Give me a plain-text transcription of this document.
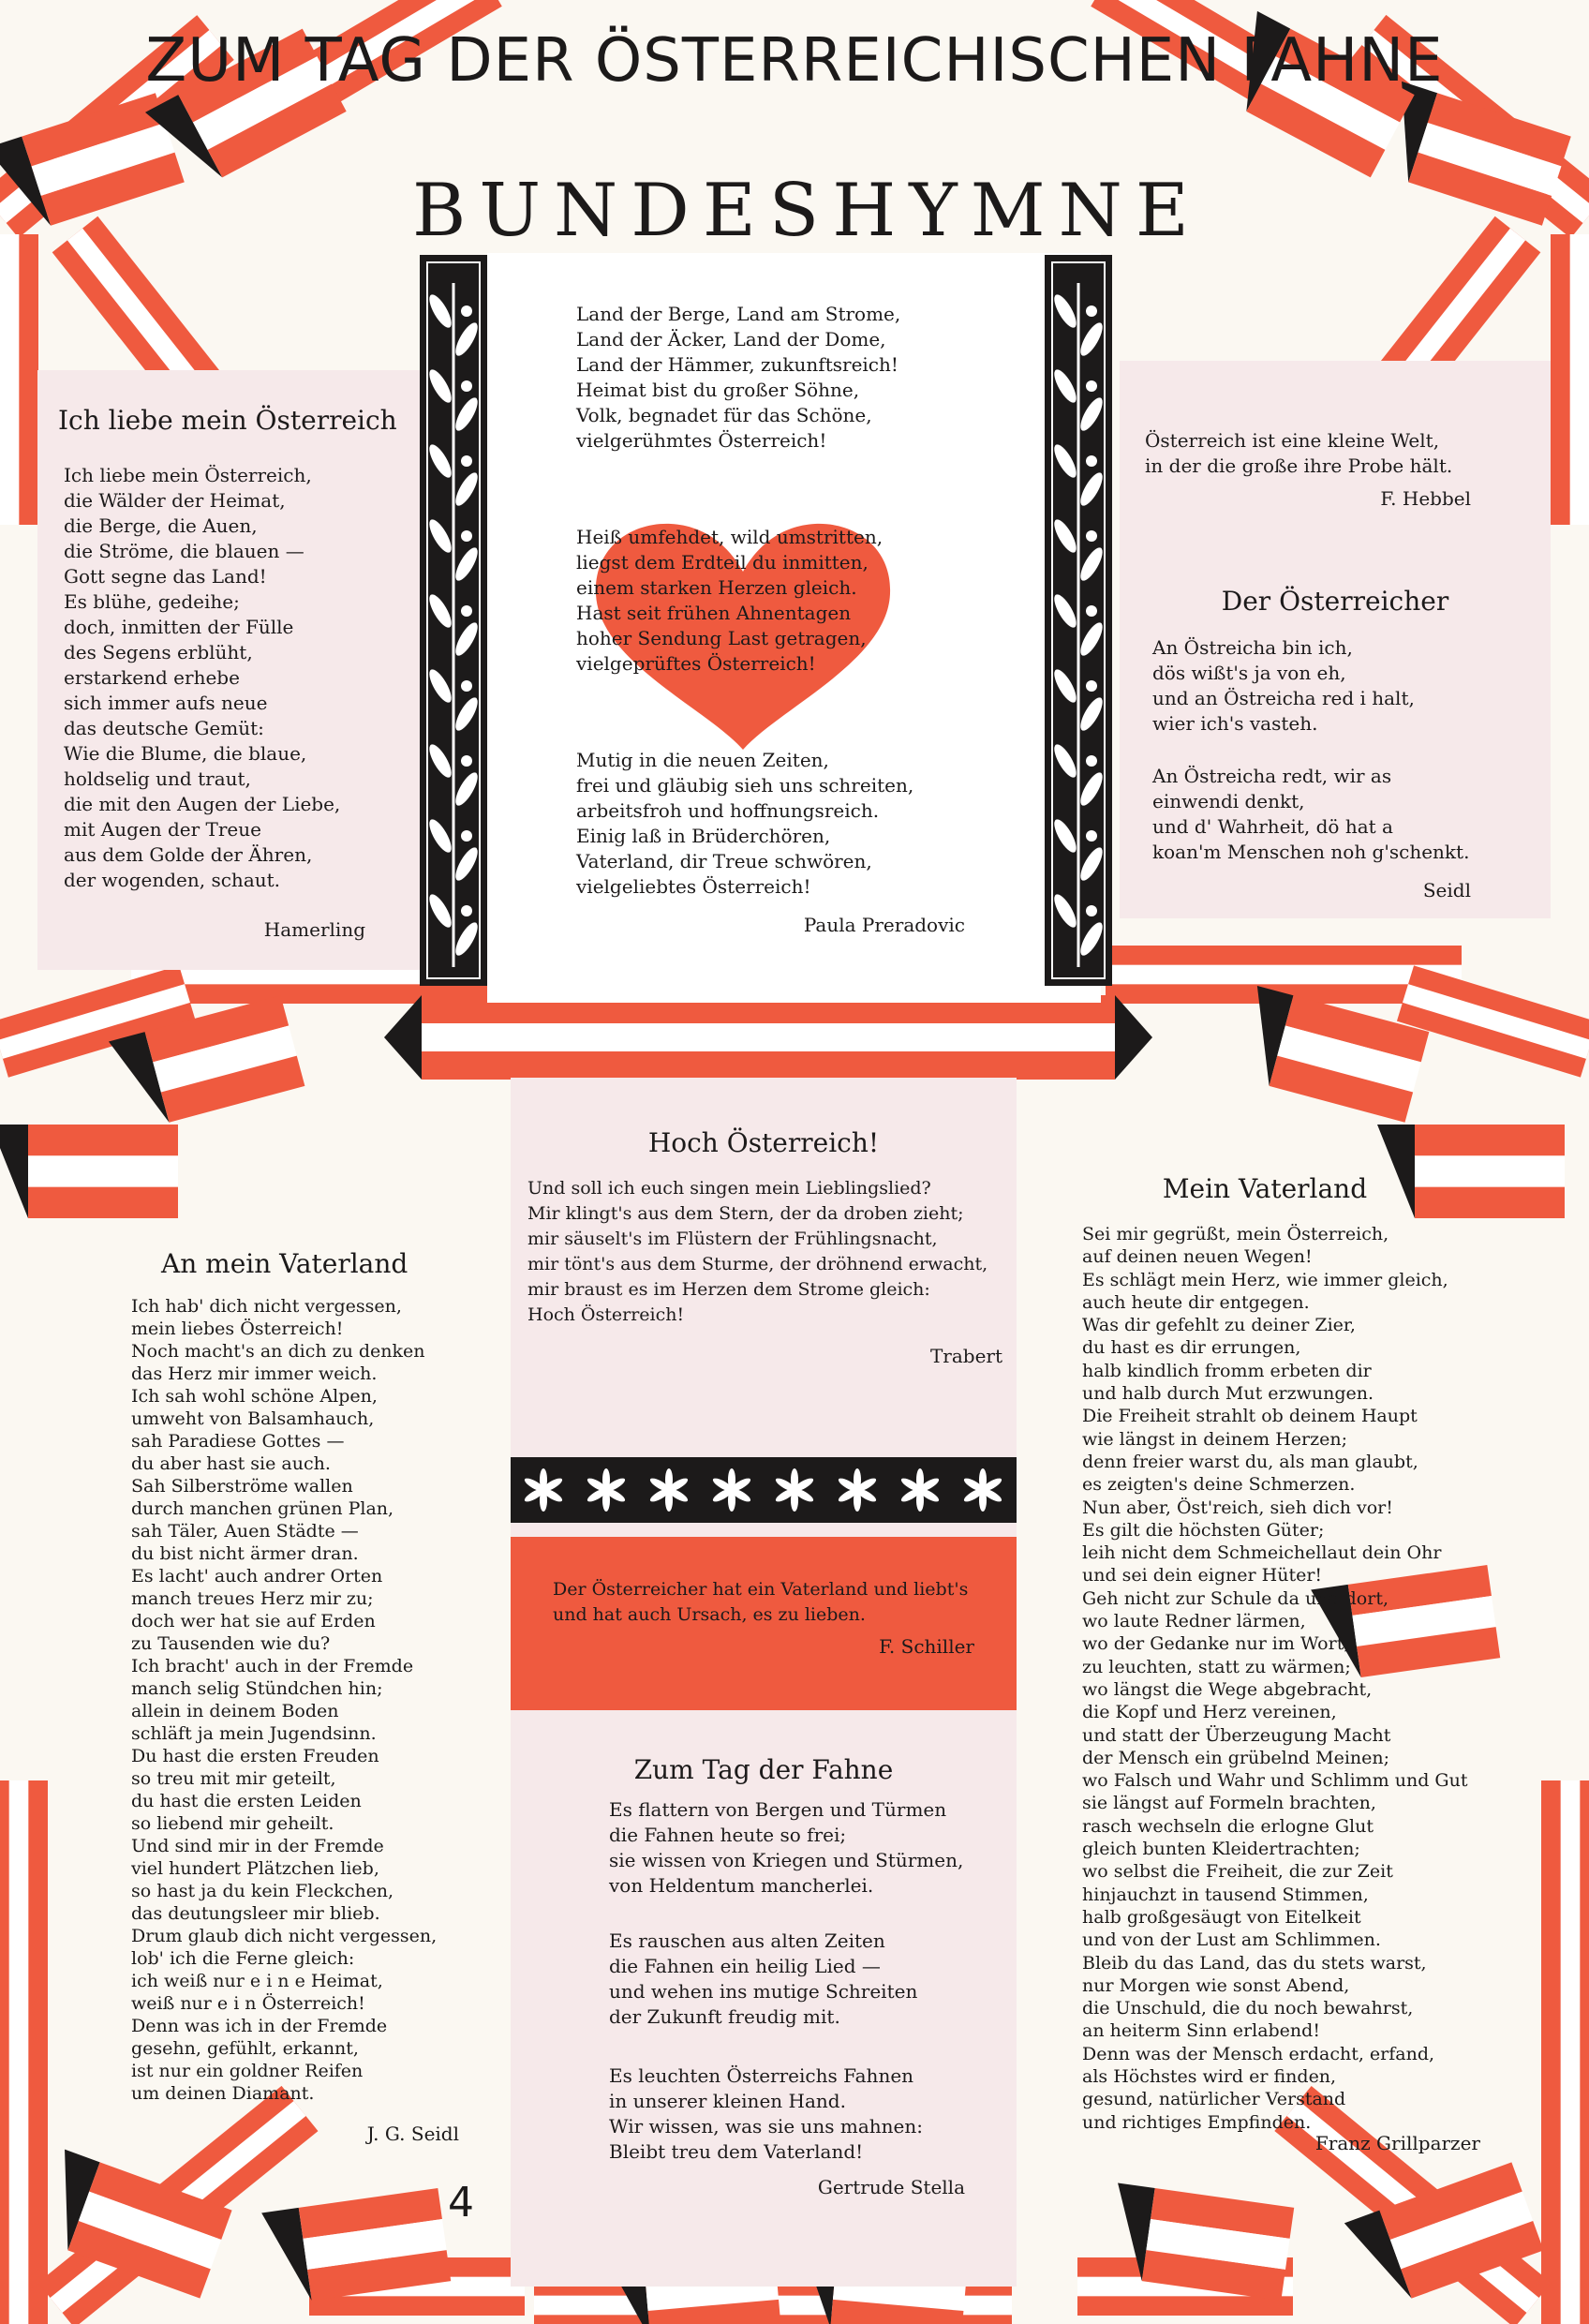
ZUM TAG DER ÖSTERREICHISCHEN FAHNE
BUNDESHYMNE
Land der Berge, Land am Strome,
Land der Äcker, Land der Dome,
Land der Hämmer, zukunftsreich!
Heimat bist du großer Söhne,
Volk, begnadet für das Schöne,
vielgerühmtes Österreich!
Heiß umfehdet, wild umstritten,
liegst dem Erdteil du inmitten,
einem starken Herzen gleich.
Hast seit frühen Ahnentagen
hoher Sendung Last getragen,
vielgeprüftes Österreich!
Mutig in die neuen Zeiten,
frei und gläubig sieh uns schreiten,
arbeitsfroh und hoffnungsreich.
Einig laß in Brüderchören,
Vaterland, dir Treue schwören,
vielgeliebtes Österreich!
Paula Preradovic
Ich liebe mein Österreich
Ich liebe mein Österreich,
die Wälder der Heimat,
die Berge, die Auen,
die Ströme, die blauen —
Gott segne das Land!
Es blühe, gedeihe;
doch, inmitten der Fülle
des Segens erblüht,
erstarkend erhebe
sich immer aufs neue
das deutsche Gemüt:
Wie die Blume, die blaue,
holdselig und traut,
die mit den Augen der Liebe,
mit Augen der Treue
aus dem Golde der Ähren,
der wogenden, schaut.
Hamerling
Österreich ist eine kleine Welt,
in der die große ihre Probe hält.
F. Hebbel
Der Österreicher
An Östreicha bin ich,
dös wißt's ja von eh,
und an Östreicha red i halt,
wier ich's vasteh.
An Östreicha redt, wir as
einwendi denkt,
und d' Wahrheit, dö hat a
koan'm Menschen noh g'schenkt.
Seidl
Hoch Österreich!
Und soll ich euch singen mein Lieblingslied?
Mir klingt's aus dem Stern, der da droben zieht;
mir säuselt's im Flüstern der Frühlingsnacht,
mir tönt's aus dem Sturme, der dröhnend erwacht,
mir braust es im Herzen dem Strome gleich:
Hoch Österreich!
Trabert
An mein Vaterland
Ich hab' dich nicht vergessen,
mein liebes Österreich!
Noch macht's an dich zu denken
das Herz mir immer weich.
Ich sah wohl schöne Alpen,
umweht von Balsamhauch,
sah Paradiese Gottes —
du aber hast sie auch.
Sah Silberströme wallen
durch manchen grünen Plan,
sah Täler, Auen Städte —
du bist nicht ärmer dran.
Es lacht' auch andrer Orten
manch treues Herz mir zu;
doch wer hat sie auf Erden
zu Tausenden wie du?
Ich bracht' auch in der Fremde
manch selig Stündchen hin;
allein in deinem Boden
schläft ja mein Jugendsinn.
Du hast die ersten Freuden
so treu mit mir geteilt,
du hast die ersten Leiden
so liebend mir geheilt.
Und sind mir in der Fremde
viel hundert Plätzchen lieb,
so hast ja du kein Fleckchen,
das deutungsleer mir blieb.
Drum glaub dich nicht vergessen,
lob' ich die Ferne gleich:
ich weiß nur e i n e Heimat,
weiß nur e i n Österreich!
Denn was ich in der Fremde
gesehn, gefühlt, erkannt,
ist nur ein goldner Reifen
um deinen Diamant.
J. G. Seidl
Der Österreicher hat ein Vaterland und liebt's
und hat auch Ursach, es zu lieben.
F. Schiller
Zum Tag der Fahne
Es flattern von Bergen und Türmen
die Fahnen heute so frei;
sie wissen von Kriegen und Stürmen,
von Heldentum mancherlei.
Es rauschen aus alten Zeiten
die Fahnen ein heilig Lied —
und wehen ins mutige Schreiten
der Zukunft freudig mit.
Es leuchten Österreichs Fahnen
in unserer kleinen Hand.
Wir wissen, was sie uns mahnen:
Bleibt treu dem Vaterland!
Gertrude Stella
Mein Vaterland
Sei mir gegrüßt, mein Österreich,
auf deinen neuen Wegen!
Es schlägt mein Herz, wie immer gleich,
auch heute dir entgegen.
Was dir gefehlt zu deiner Zier,
du hast es dir errungen,
halb kindlich fromm erbeten dir
und halb durch Mut erzwungen.
Die Freiheit strahlt ob deinem Haupt
wie längst in deinem Herzen;
denn freier warst du, als man glaubt,
es zeigten's deine Schmerzen.
Nun aber, Öst'reich, sieh dich vor!
Es gilt die höchsten Güter;
leih nicht dem Schmeichellaut dein Ohr
und sei dein eigner Hüter!
Geh nicht zur Schule da und dort,
wo laute Redner lärmen,
wo der Gedanke nur im Wort,
zu leuchten, statt zu wärmen;
wo längst die Wege abgebracht,
die Kopf und Herz vereinen,
und statt der Überzeugung Macht
der Mensch ein grübelnd Meinen;
wo Falsch und Wahr und Schlimm und Gut
sie längst auf Formeln brachten,
rasch wechseln die erlogne Glut
gleich bunten Kleidertrachten;
wo selbst die Freiheit, die zur Zeit
hinjauchzt in tausend Stimmen,
halb großgesäugt von Eitelkeit
und von der Lust am Schlimmen.
Bleib du das Land, das du stets warst,
nur Morgen wie sonst Abend,
die Unschuld, die du noch bewahrst,
an heiterm Sinn erlabend!
Denn was der Mensch erdacht, erfand,
als Höchstes wird er finden,
gesund, natürlicher Verstand
und richtiges Empfinden.
Franz Grillparzer
4
